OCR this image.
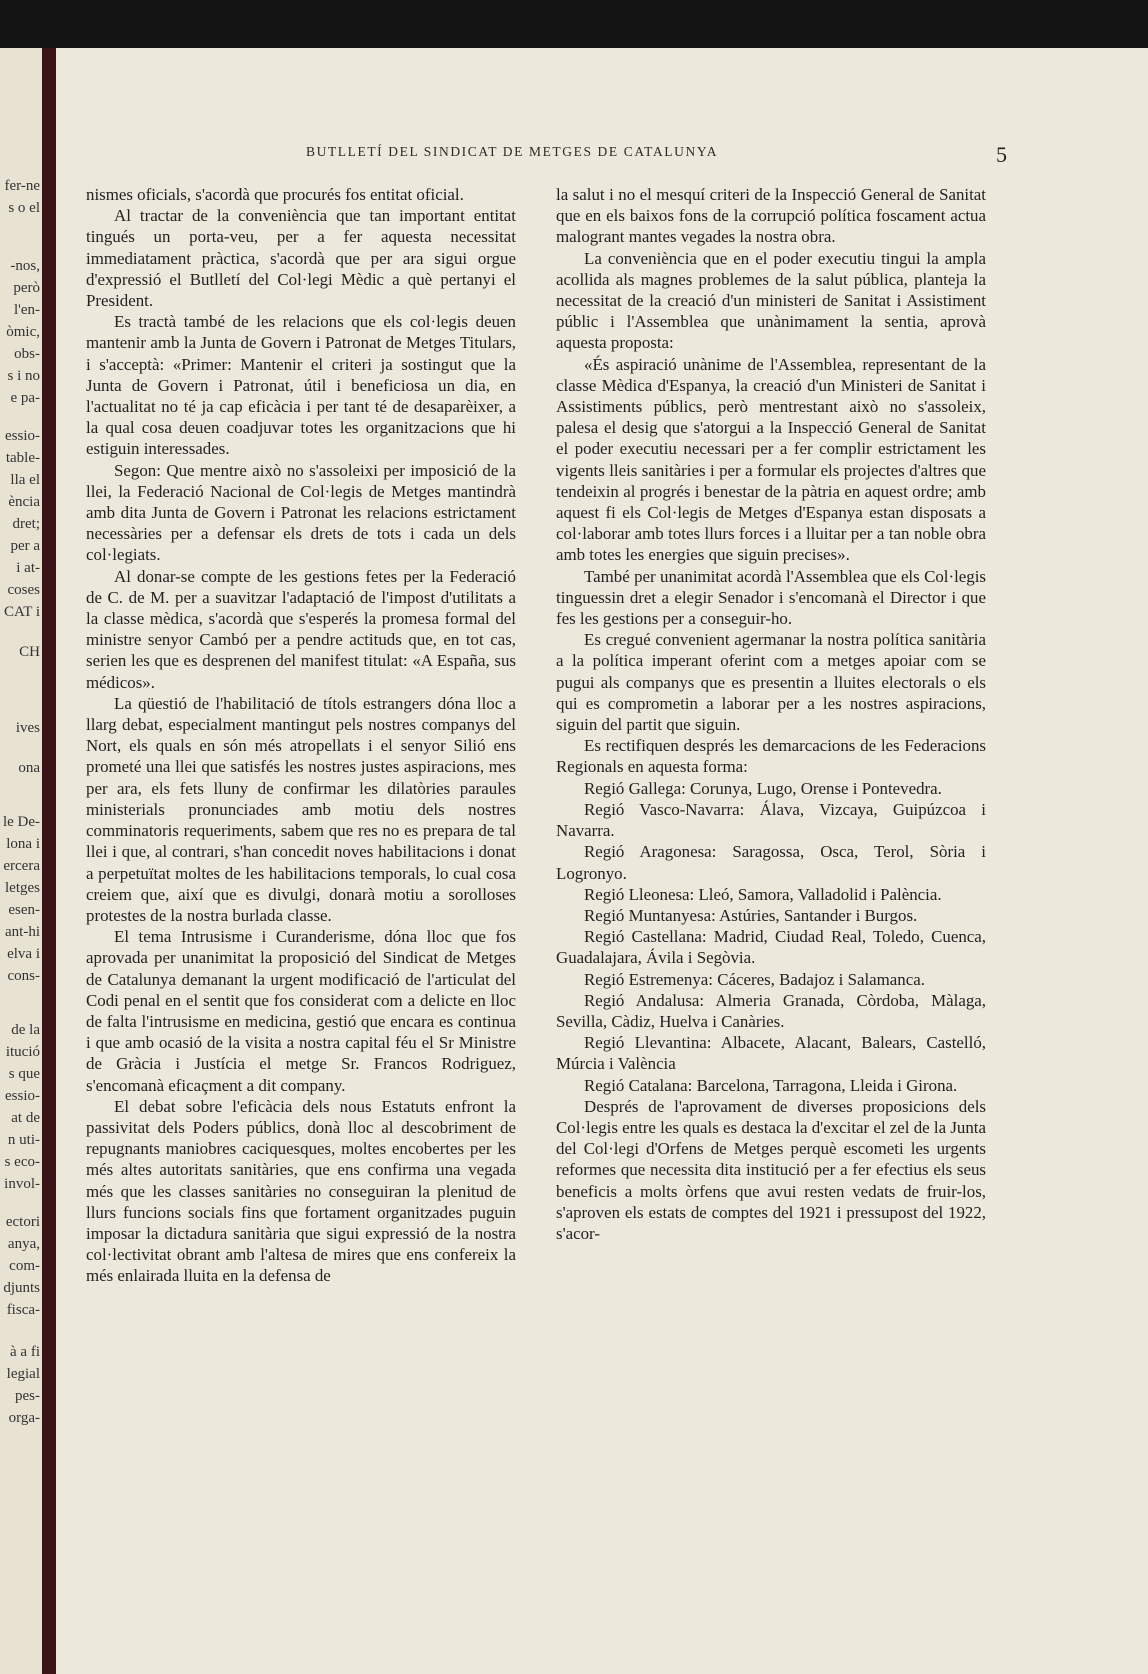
fer-ne
s o el
-nos,
però
l'en-
òmic,
obs-
s i no
e pa-
essio-
table-
lla el
ència
dret;
per a
i at-
coses
CAT i
CH
ives
ona
le De-
lona i
ercera
letges
esen-
ant-hi
elva i
cons-
de la
itució
s que
essio-
at de
n uti-
s eco-
invol-
ectori
anya,
com-
djunts
fisca-
à a fi
legial
pes-
orga-
BUTLLETÍ DEL SINDICAT DE METGES DE CATALUNYA	5

nismes oficials, s'acordà que procurés fos entitat oficial.

Al tractar de la conveniència que tan important entitat tingués un porta-veu, per a fer aquesta necessitat immediatament pràctica, s'acordà que per ara sigui orgue d'expressió el Butlletí del Col·legi Mèdic a què pertanyi el President.

Es tractà també de les relacions que els col·legis deuen mantenir amb la Junta de Govern i Patronat de Metges Titulars, i s'acceptà: «Primer: Mantenir el criteri ja sostingut que la Junta de Govern i Patronat, útil i beneficiosa un dia, en l'actualitat no té ja cap eficàcia i per tant té de desaparèixer, a la qual cosa deuen coadjuvar totes les organitzacions que hi estiguin interessades.

Segon: Que mentre això no s'assoleixi per imposició de la llei, la Federació Nacional de Col·legis de Metges mantindrà amb dita Junta de Govern i Patronat les relacions estrictament necessàries per a defensar els drets de tots i cada un dels col·legiats.

Al donar-se compte de les gestions fetes per la Federació de C. de M. per a suavitzar l'adaptació de l'impost d'utilitats a la classe mèdica, s'acordà que s'esperés la promesa formal del ministre senyor Cambó per a pendre actituds que, en tot cas, serien les que es desprenen del manifest titulat: «A España, sus médicos».

La qüestió de l'habilitació de títols estrangers dóna lloc a llarg debat, especialment mantingut pels nostres companys del Nort, els quals en són més atropellats i el senyor Silió ens prometé una llei que satisfés les nostres justes aspiracions, mes per ara, els fets lluny de confirmar les dilatòries paraules ministerials pronunciades amb motiu dels nostres comminatoris requeriments, sabem que res no es prepara de tal llei i que, al contrari, s'han concedit noves habilitacions i donat a perpetuïtat moltes de les habilitacions temporals, lo cual cosa creiem que, així que es divulgi, donarà motiu a sorolloses protestes de la nostra burlada classe.

El tema Intrusisme i Curanderisme, dóna lloc que fos aprovada per unanimitat la proposició del Sindicat de Metges de Catalunya demanant la urgent modificació de l'articulat del Codi penal en el sentit que fos considerat com a delicte en lloc de falta l'intrusisme en medicina, gestió que encara es continua i que amb ocasió de la visita a nostra capital féu el Sr Ministre de Gràcia i Justícia el metge Sr. Francos Rodriguez, s'encomanà eficaçment a dit company.

El debat sobre l'eficàcia dels nous Estatuts enfront la passivitat dels Poders públics, donà lloc al descobriment de repugnants maniobres caciquesques, moltes encobertes per les més altes autoritats sanitàries, que ens confirma una vegada més que les classes sanitàries no conseguiran la plenitud de llurs funcions socials fins que fortament organitzades puguin imposar la dictadura sanitària que sigui expressió de la nostra col·lectivitat obrant amb l'altesa de mires que ens confereix la més enlairada lluita en la defensa de

la salut i no el mesquí criteri de la Inspecció General de Sanitat que en els baixos fons de la corrupció política foscament actua malogrant mantes vegades la nostra obra.

La conveniència que en el poder executiu tingui la ampla acollida als magnes problemes de la salut pública, planteja la necessitat de la creació d'un ministeri de Sanitat i Assistiment públic i l'Assemblea que unànimament la sentia, aprovà aquesta proposta:

«És aspiració unànime de l'Assemblea, representant de la classe Mèdica d'Espanya, la creació d'un Ministeri de Sanitat i Assistiments públics, però mentrestant això no s'assoleix, palesa el desig que s'atorgui a la Inspecció General de Sanitat el poder executiu necessari per a fer complir estrictament les vigents lleis sanitàries i per a formular els projectes d'altres que tendeixin al progrés i benestar de la pàtria en aquest ordre; amb aquest fi els Col·legis de Metges d'Espanya estan disposats a col·laborar amb totes llurs forces i a lluitar per a tan noble obra amb totes les energies que siguin precises».

També per unanimitat acordà l'Assemblea que els Col·legis tinguessin dret a elegir Senador i s'encomanà el Director i que fes les gestions per a conseguir-ho.

Es cregué convenient agermanar la nostra política sanitària a la política imperant oferint com a metges apoiar com se pugui als companys que es presentin a lluites electorals o els qui es comprometin a laborar per a les nostres aspiracions, siguin del partit que siguin.

Es rectifiquen després les demarcacions de les Federacions Regionals en aquesta forma:

Regió Gallega: Corunya, Lugo, Orense i Pontevedra.

Regió Vasco-Navarra: Álava, Vizcaya, Guipúzcoa i Navarra.

Regió Aragonesa: Saragossa, Osca, Terol, Sòria i Logronyo.

Regió Lleonesa: Lleó, Samora, Valladolid i Palència.

Regió Muntanyesa: Astúries, Santander i Burgos.

Regió Castellana: Madrid, Ciudad Real, Toledo, Cuenca, Guadalajara, Ávila i Segòvia.

Regió Estremenya: Cáceres, Badajoz i Salamanca.

Regió Andalusa: Almeria Granada, Còrdoba, Màlaga, Sevilla, Càdiz, Huelva i Canàries.

Regió Llevantina: Albacete, Alacant, Balears, Castelló, Múrcia i València

Regió Catalana: Barcelona, Tarragona, Lleida i Girona.

Després de l'aprovament de diverses proposicions dels Col·legis entre les quals es destaca la d'excitar el zel de la Junta del Col·legi d'Orfens de Metges perquè escometi les urgents reformes que necessita dita institució per a fer efectius els seus beneficis a molts òrfens que avui resten vedats de fruir-los, s'aproven els estats de comptes del 1921 i pressupost del 1922, s'acor-
